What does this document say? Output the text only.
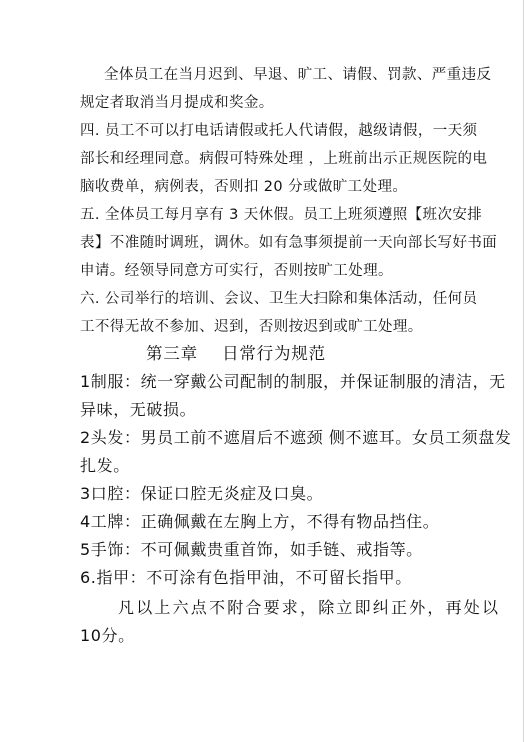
全体员工在当月迟到、早退、旷工、请假、罚款、严重违反
规定者取消当月提成和奖金。
四. 员工不可以打电话请假或托人代请假，越级请假，一天须
部长和经理同意。病假可特殊处理 ，上班前出示正规医院的电
脑收费单，病例表，否则扣 20 分或做旷工处理。
五. 全体员工每月享有 3 天休假。员工上班须遵照【班次安排
表】不准随时调班，调休。如有急事须提前一天向部长写好书面
申请。经领导同意方可实行，否则按旷工处理。
六. 公司举行的培训、会议、卫生大扫除和集体活动，任何员
工不得无故不参加、迟到，否则按迟到或旷工处理。
第三章    日常行为规范
1制服：统一穿戴公司配制的制服，并保证制服的清洁，无
异味，无破损。
2头发：男员工前不遮眉后不遮颈 侧不遮耳。女员工须盘发
扎发。
3口腔：保证口腔无炎症及口臭。
4工牌：正确佩戴在左胸上方，不得有物品挡住。
5手饰：不可佩戴贵重首饰，如手链、戒指等。
6.指甲：不可涂有色指甲油，不可留长指甲。
凡以上六点不附合要求，除立即纠正外，再处以
10分。
